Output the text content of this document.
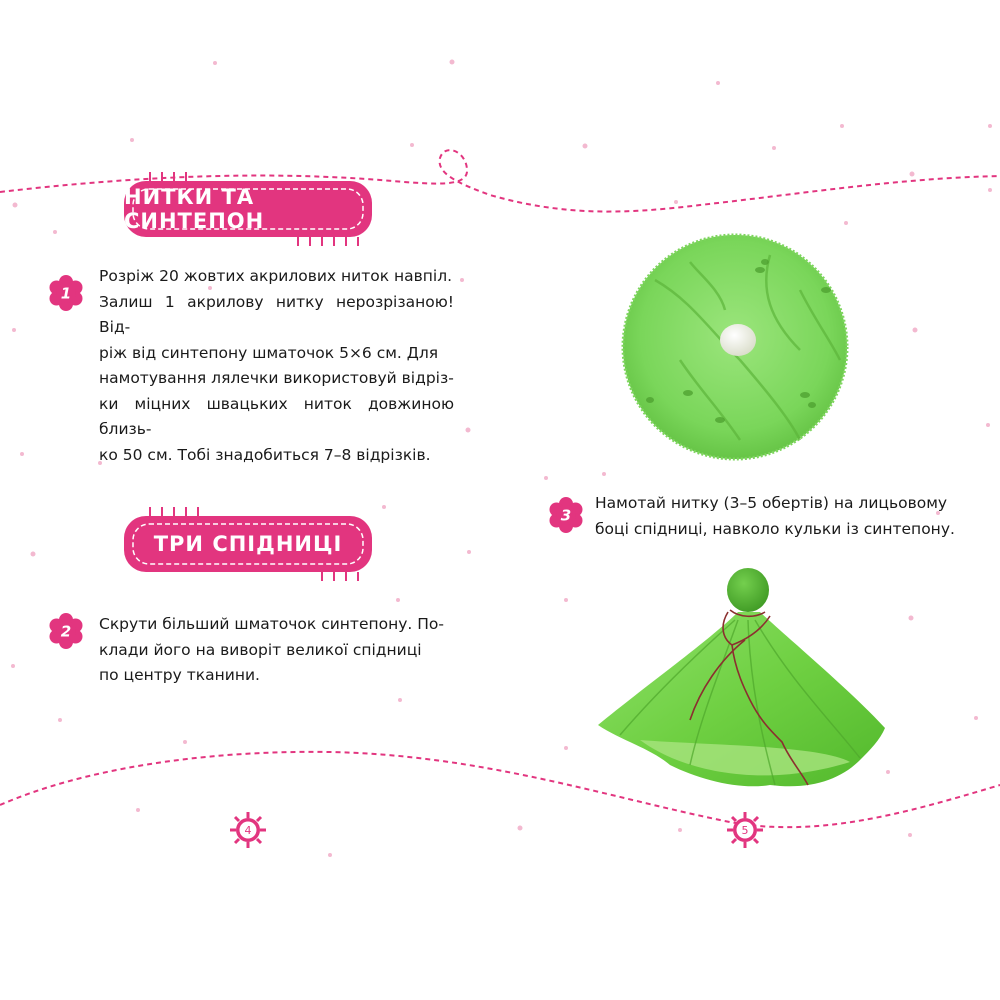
НИТКИ ТА СИНТЕПОН
ТРИ СПІДНИЦІ
1
2
3
4	5
Розріж 20 жовтих акрилових ниток навпіл.
Залиш 1 акрилову нитку нерозрізаною! Від-
ріж від синтепону шматочок 5×6 см. Для
намотування лялечки використовуй відріз-
ки міцних швацьких ниток довжиною близь-
ко 50 см. Тобі знадобиться 7–8 відрізків.
Скрути більший шматочок синтепону. По-
клади його на виворіт великої спідниці
по центру тканини.
Намотай нитку (3–5 обертів) на лицьовому
боці спідниці, навколо кульки із синтепону.
